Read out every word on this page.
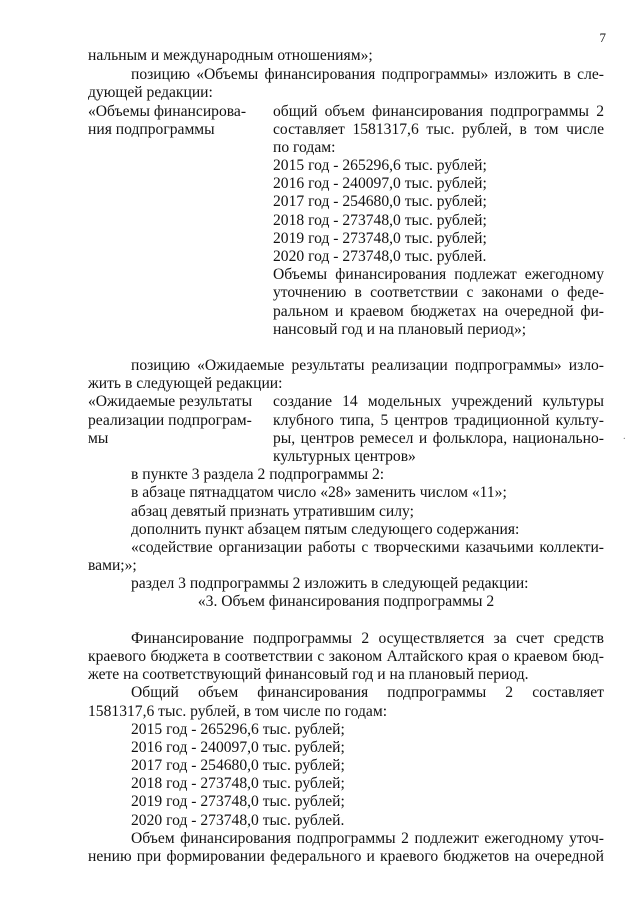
7
нальным и международным отношениям»;
позицию «Объемы финансирования подпрограммы» изложить в сле-
дующей редакции:
«Объемы финансирова-
ния подпрограммы
общий объем финансирования подпрограммы 2
составляет 1581317,6 тыс. рублей, в том числе
по годам:
2015 год - 265296,6 тыс. рублей;
2016 год - 240097,0 тыс. рублей;
2017 год - 254680,0 тыс. рублей;
2018 год - 273748,0 тыс. рублей;
2019 год - 273748,0 тыс. рублей;
2020 год - 273748,0 тыс. рублей.
Объемы финансирования подлежат ежегодному
уточнению в соответствии с законами о феде-
ральном и краевом бюджетах на очередной фи-
нансовый год и на плановый период»;
позицию «Ожидаемые результаты реализации подпрограммы» изло-
жить в следующей редакции:
«Ожидаемые результаты
реализации подпрограм-
мы
создание 14 модельных учреждений культуры
клубного типа, 5 центров традиционной культу-
ры, центров ремесел и фольклора, национально-
культурных центров»
·
в пункте 3 раздела 2 подпрограммы 2:
в абзаце пятнадцатом число «28» заменить числом «11»;
абзац девятый признать утратившим силу;
дополнить пункт абзацем пятым следующего содержания:
«содействие организации работы с творческими казачьими коллекти-
вами;»;
раздел 3 подпрограммы 2 изложить в следующей редакции:
«3. Объем финансирования подпрограммы 2
Финансирование подпрограммы 2 осуществляется за счет средств
краевого бюджета в соответствии с законом Алтайского края о краевом бюд-
жете на соответствующий финансовый год и на плановый период.
Общий объем финансирования подпрограммы 2 составляет
1581317,6 тыс. рублей, в том числе по годам:
2015 год - 265296,6 тыс. рублей;
2016 год - 240097,0 тыс. рублей;
2017 год - 254680,0 тыс. рублей;
2018 год - 273748,0 тыс. рублей;
2019 год - 273748,0 тыс. рублей;
2020 год - 273748,0 тыс. рублей.
Объем финансирования подпрограммы 2 подлежит ежегодному уточ-
нению при формировании федерального и краевого бюджетов на очередной
